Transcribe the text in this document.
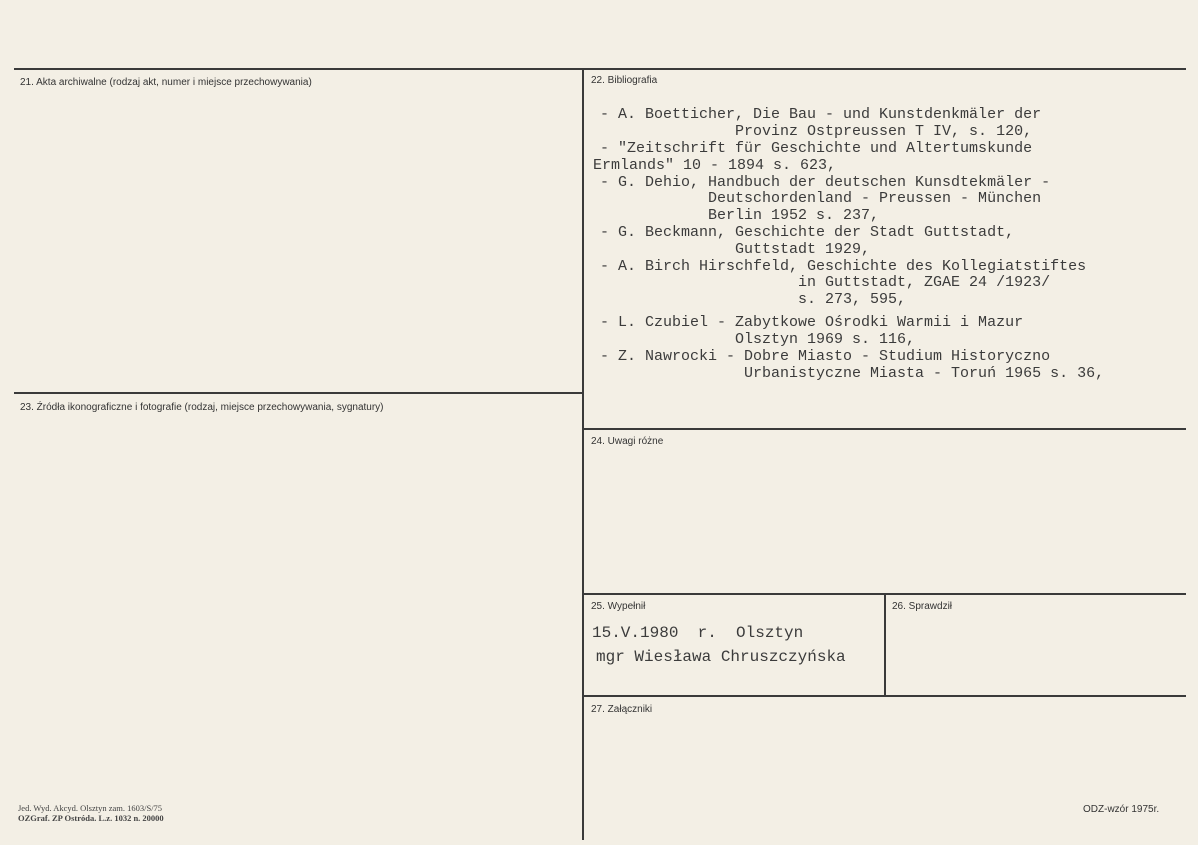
21. Akta archiwalne (rodzaj akt, numer i miejsce przechowywania)	22. Bibliografia
23. Źródła ikonograficzne i fotografie (rodzaj, miejsce przechowywania, sygnatury)
24. Uwagi różne
25. Wypełnił	26. Sprawdził
27. Załączniki
- A. Boetticher, Die Bau - und Kunstdenkmäler der
Provinz Ostpreussen T IV, s. 120,
- "Zeitschrift für Geschichte und Altertumskunde
Ermlands" 10 - 1894 s. 623,
- G. Dehio, Handbuch der deutschen Kunsdtekmäler -
Deutschordenland - Preussen - München
Berlin 1952 s. 237,
- G. Beckmann, Geschichte der Stadt Guttstadt,
Guttstadt 1929,
- A. Birch Hirschfeld, Geschichte des Kollegiatstiftes
in Guttstadt, ZGAE 24 /1923/
s. 273, 595,
- L. Czubiel - Zabytkowe Ośrodki Warmii i Mazur
Olsztyn 1969 s. 116,
- Z. Nawrocki - Dobre Miasto - Studium Historyczno
Urbanistyczne Miasta - Toruń 1965 s. 36,
15.V.1980  r.  Olsztyn
mgr Wiesława Chruszczyńska
Jed. Wyd. Akcyd. Olsztyn zam. 1603/S/75
OZGraf. ZP Ostróda. L.z. 1032 n. 20000
ODZ-wzór 1975r.
